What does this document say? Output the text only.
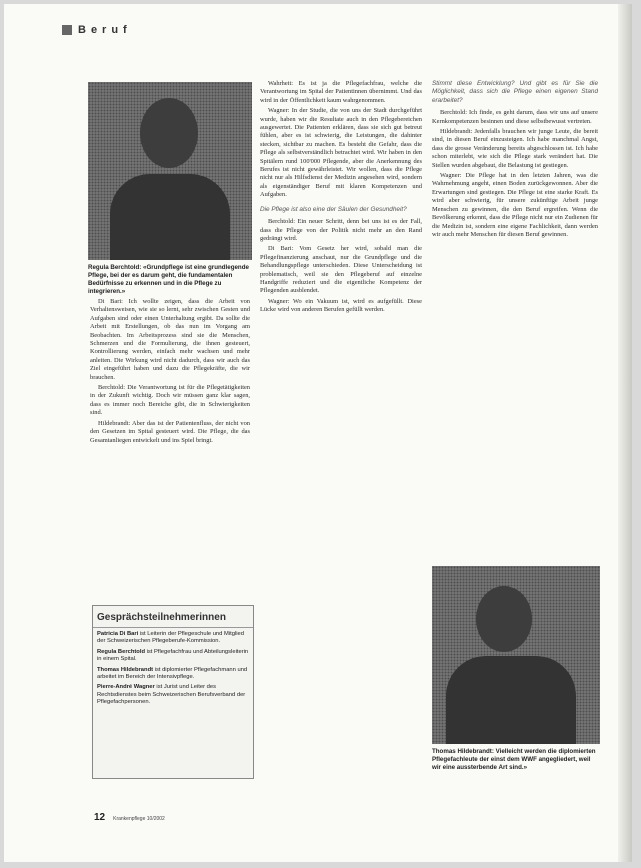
Beruf
Regula Berchtold: «Grundpflege ist eine grundlegende Pflege, bei der es darum geht, die fundamentalen Bedürfnisse zu erkennen und in die Pflege zu integrieren.»

Di Bari: Ich wollte zeigen, dass die Arbeit von Verhaltensweisen, wie sie so lernt, sehr zwischen Gesten und Aufgaben sind oder einen Unterhaltung ergibt. Da sollte die Arbeit mit Erstellungen, ob das nun im Vorgang am Beobachten. Im Arbeitsprozess sind sie die Menschen, Schmerzen und die Formulierung, die ihnen gesteuert, Kontrollierung werden, einfach mehr wachsen und mehr anleiten. Die Wirkung wird nicht dadurch, dass wir auch das Ziel eingeführt haben und dazu die Pflegekräfte, die wir brauchen.

Berchtold: Die Verantwortung ist für die Pflegetätigkeiten in der Zukunft wichtig. Doch wir müssen ganz klar sagen, dass es immer noch Bereiche gibt, die in Schwierigkeiten sind.

Hildebrandt: Aber das ist der Patientenfluss, der nicht von den Gesetzen im Spital gesteuert wird. Die Pflege, die das Gesamtanliegen entwickelt und ins Spiel bringt.

Gesprächsteilnehmerinnen
Patricia Di Bari ist Leiterin der Pflegeschule und Mitglied der Schweizerischen Pflegeberufe-Kommission.
Regula Berchtold ist Pflegefachfrau und Abteilungsleiterin in einem Spital.
Thomas Hildebrandt ist diplomierter Pflegefachmann und arbeitet im Bereich der Intensivpflege.
Pierre-André Wagner ist Jurist und Leiter des Rechtsdienstes beim Schweizerischen Berufsverband der Pflegefachpersonen.

Wahrheit: Es ist ja die Pflegefachfrau, welche die Verantwortung im Spital der Patientinnen übernimmt. Und das wird in der Öffentlichkeit kaum wahrgenommen.

Wagner: In der Studie, die von uns der Stadt durchgeführt wurde, haben wir die Resultate auch in den Pflegebereichen ausgewertet. Die Patienten erklären, dass sie sich gut betreut fühlen, aber es ist schwierig, die Leistungen, die dahinter stecken, sichtbar zu machen. Es besteht die Gefahr, dass die Pflege als selbstverständlich betrachtet wird. Wir haben in den Spitälern rund 100'000 Pflegende, aber die Anerkennung des Berufes ist nicht gewährleistet. Wir wollen, dass die Pflege nicht nur als Hilfsdienst der Medizin angesehen wird, sondern als eigenständiger Beruf mit klaren Kompetenzen und Aufgaben.

Die Pflege ist also eine der Säulen der Gesundheit?

Berchtold: Ein neuer Schritt, denn bei uns ist es der Fall, dass die Pflege von der Politik nicht mehr an den Rand gedrängt wird.

Di Bari: Vom Gesetz her wird, sobald man die Pflegefinanzierung anschaut, nur die Grundpflege und die Behandlungspflege unterschieden. Diese Unterscheidung ist problematisch, weil sie den Pflegeberuf auf einzelne Handgriffe reduziert und die eigentliche Kompetenz der Pflegenden ausblendet.

Wagner: Wo ein Vakuum ist, wird es aufgefüllt. Diese Lücke wird von anderen Berufen gefüllt werden.

Stimmt diese Entwicklung? Und gibt es für Sie die Möglichkeit, dass sich die Pflege einen eigenen Stand erarbeitet?

Berchtold: Ich finde, es geht darum, dass wir uns auf unsere Kernkompetenzen besinnen und diese selbstbewusst vertreten.

Hildebrandt: Jedenfalls brauchen wir junge Leute, die bereit sind, in diesen Beruf einzusteigen. Ich habe manchmal Angst, dass die grosse Veränderung bereits abgeschlossen ist. Ich habe schon miterlebt, wie sich die Pflege stark verändert hat. Die Stellen wurden abgebaut, die Belastung ist gestiegen.

Wagner: Die Pflege hat in den letzten Jahren, was die Wahrnehmung angeht, einen Boden zurückgewonnen. Aber die Erwartungen sind gestiegen. Die Pflege ist eine starke Kraft. Es wird aber schwierig, für unsere zukünftige Arbeit junge Menschen zu gewinnen, die den Beruf ergreifen. Wenn die Bevölkerung erkennt, dass die Pflege nicht nur ein Zudienen für die Medizin ist, sondern eine eigene Fachlichkeit, dann werden wir auch mehr Menschen für diesen Beruf gewinnen.

Thomas Hildebrandt: Vielleicht werden die diplomierten Pflegefachleute der einst dem WWF angegliedert, weil wir eine aussterbende Art sind.»
12 Krankenpflege 10/2002
